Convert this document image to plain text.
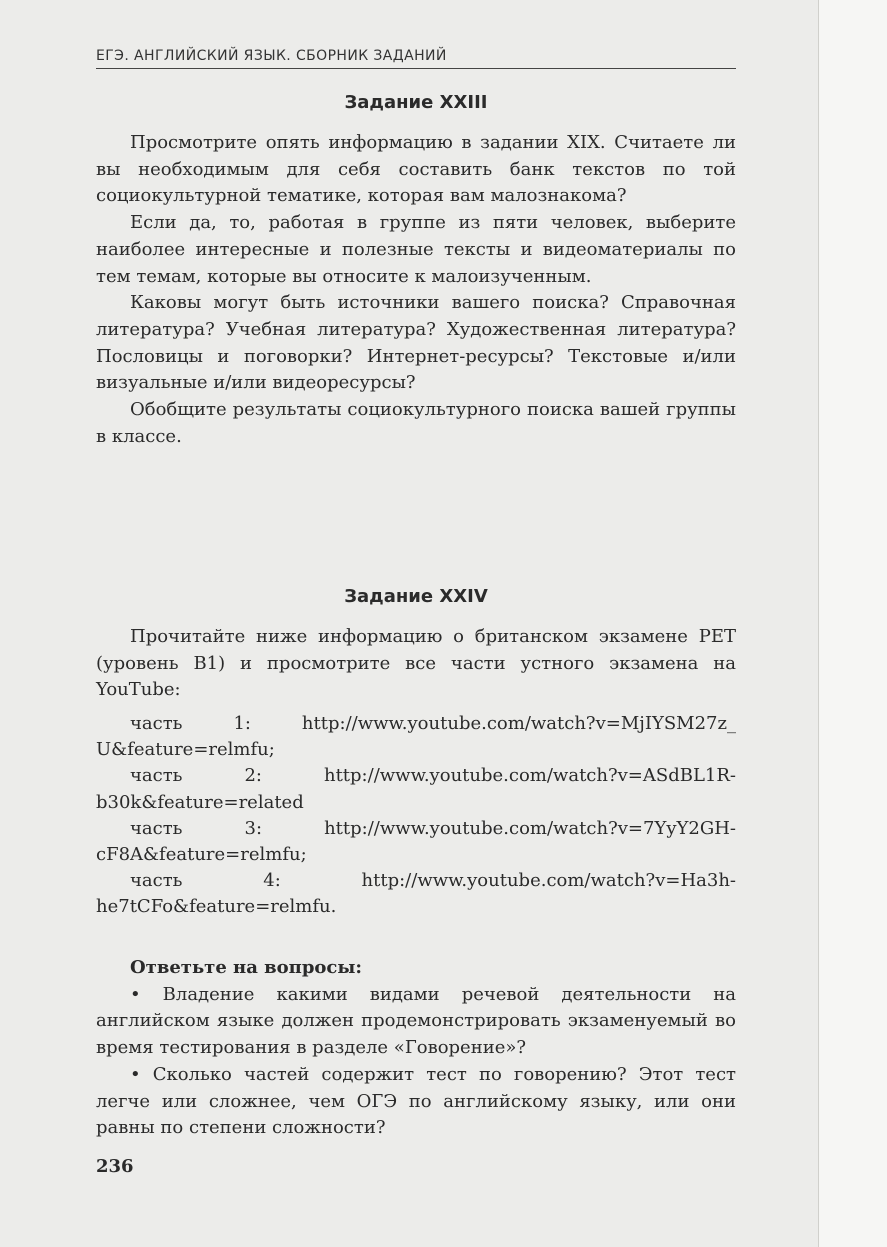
ЕГЭ. АНГЛИЙСКИЙ ЯЗЫК. СБОРНИК ЗАДАНИЙ
Задание XXIII

Просмотрите опять информацию в задании XIX. Считаете ли вы необходимым для себя составить банк текстов по той социокультурной тематике, которая вам малознакома?

Если да, то, работая в группе из пяти человек, выберите наиболее интересные и полезные тексты и видеоматериалы по тем темам, которые вы относите к малоизученным.

Каковы могут быть источники вашего поиска? Справочная литература? Учебная литература? Художественная литература? Пословицы и поговорки? Интернет-ресурсы? Текстовые и/или визуальные и/или видеоресурсы?

Обобщите результаты социокультурного поиска вашей группы в классе.

Задание XXIV

Прочитайте ниже информацию о британском экзамене PET (уровень B1) и просмотрите все части устного экзамена на YouTube:

часть 1: http://www.youtube.com/watch?v=MjIYSM27z_
U&feature=relmfu;
часть 2: http://www.youtube.com/watch?v=ASdBL1R-
b30k&feature=related
часть 3: http://www.youtube.com/watch?v=7YyY2GH-
cF8A&feature=relmfu;
часть 4: http://www.youtube.com/watch?v=Ha3h-
he7tCFo&feature=relmfu.

Ответьте на вопросы:

• Владение какими видами речевой деятельности на английском языке должен продемонстрировать экзаменуемый во время тестирования в разделе «Говорение»?

• Сколько частей содержит тест по говорению? Этот тест легче или сложнее, чем ОГЭ по английскому языку, или они равны по степени сложности?

236
